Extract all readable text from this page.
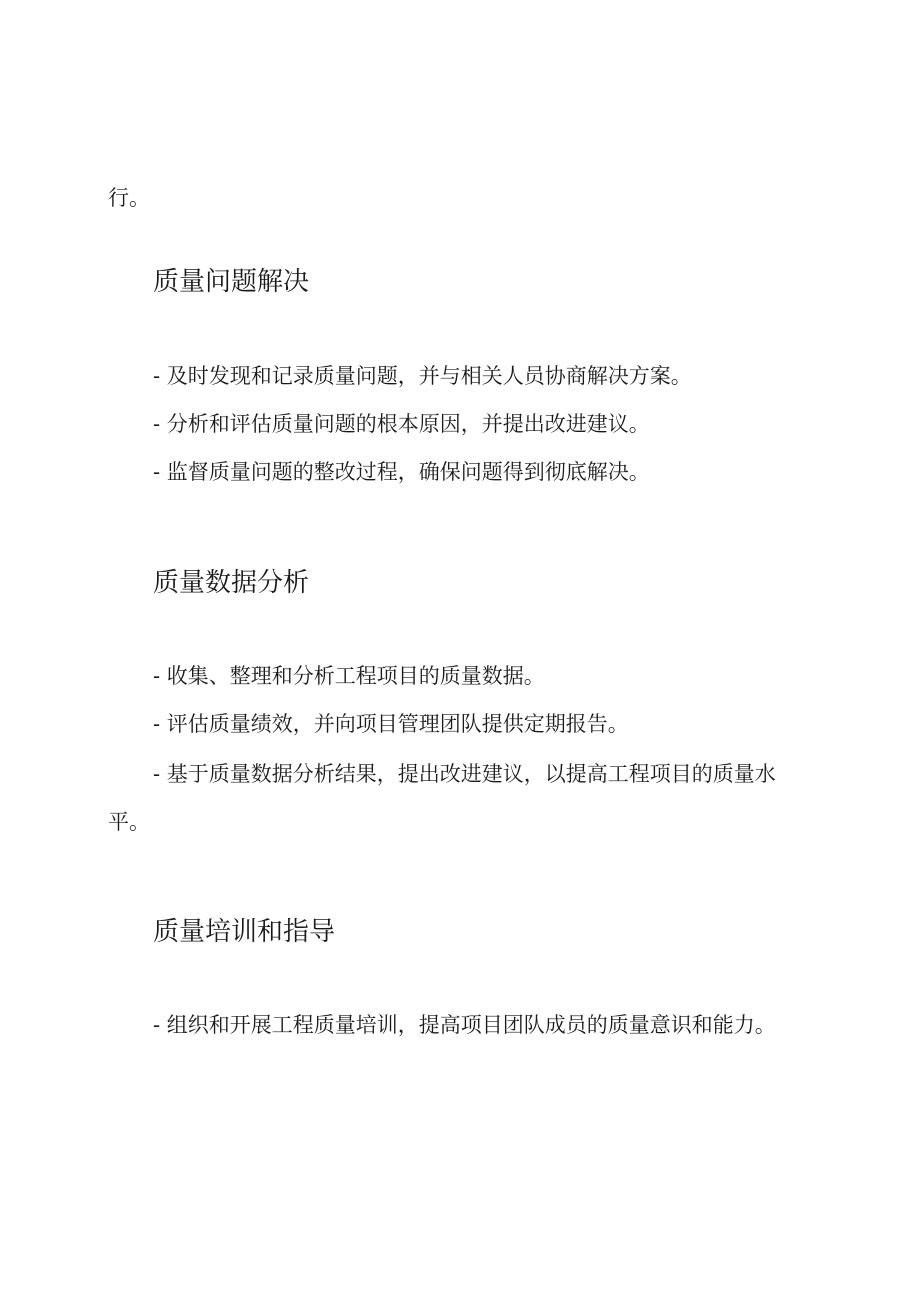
行。

质量问题解决

- 及时发现和记录质量问题，并与相关人员协商解决方案。

- 分析和评估质量问题的根本原因，并提出改进建议。

- 监督质量问题的整改过程，确保问题得到彻底解决。

质量数据分析

- 收集、整理和分析工程项目的质量数据。

- 评估质量绩效，并向项目管理团队提供定期报告。

- 基于质量数据分析结果，提出改进建议，以提高工程项目的质量水平。

质量培训和指导

- 组织和开展工程质量培训，提高项目团队成员的质量意识和能力。
